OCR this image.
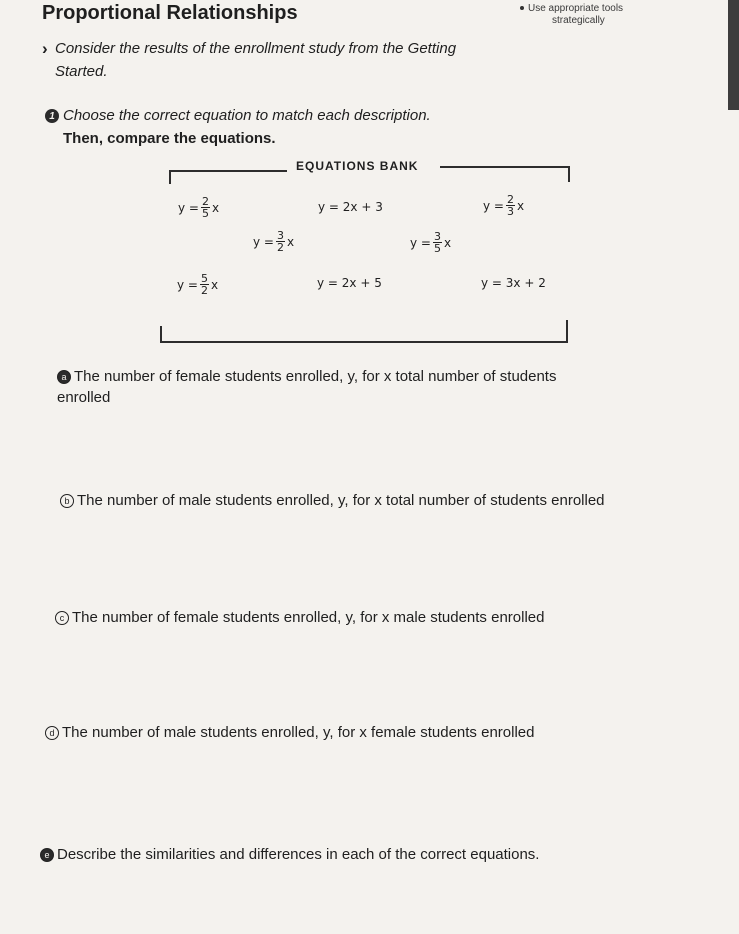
Proportional Relationships	Use appropriate tools
strategically
› Consider the results of the enrollment study from the Getting Started.
1 Choose the correct equation to match each description.
Then, compare the equations.
EQUATIONS BANK
$y = \frac{2}{5}$ x	y = 2x + 3	$y = \frac{2}{3}$ x
$y = \frac{3}{2}$ x	$y = \frac{3}{5}$ x
$y = \frac{5}{2}$ x	y = 2x + 5	y = 3x + 2
a The number of female students enrolled, y, for x total number of students enrolled
b The number of male students enrolled, y, for x total number of students enrolled
c The number of female students enrolled, y, for x male students enrolled
d The number of male students enrolled, y, for x female students enrolled
e Describe the similarities and differences in each of the correct equations.
